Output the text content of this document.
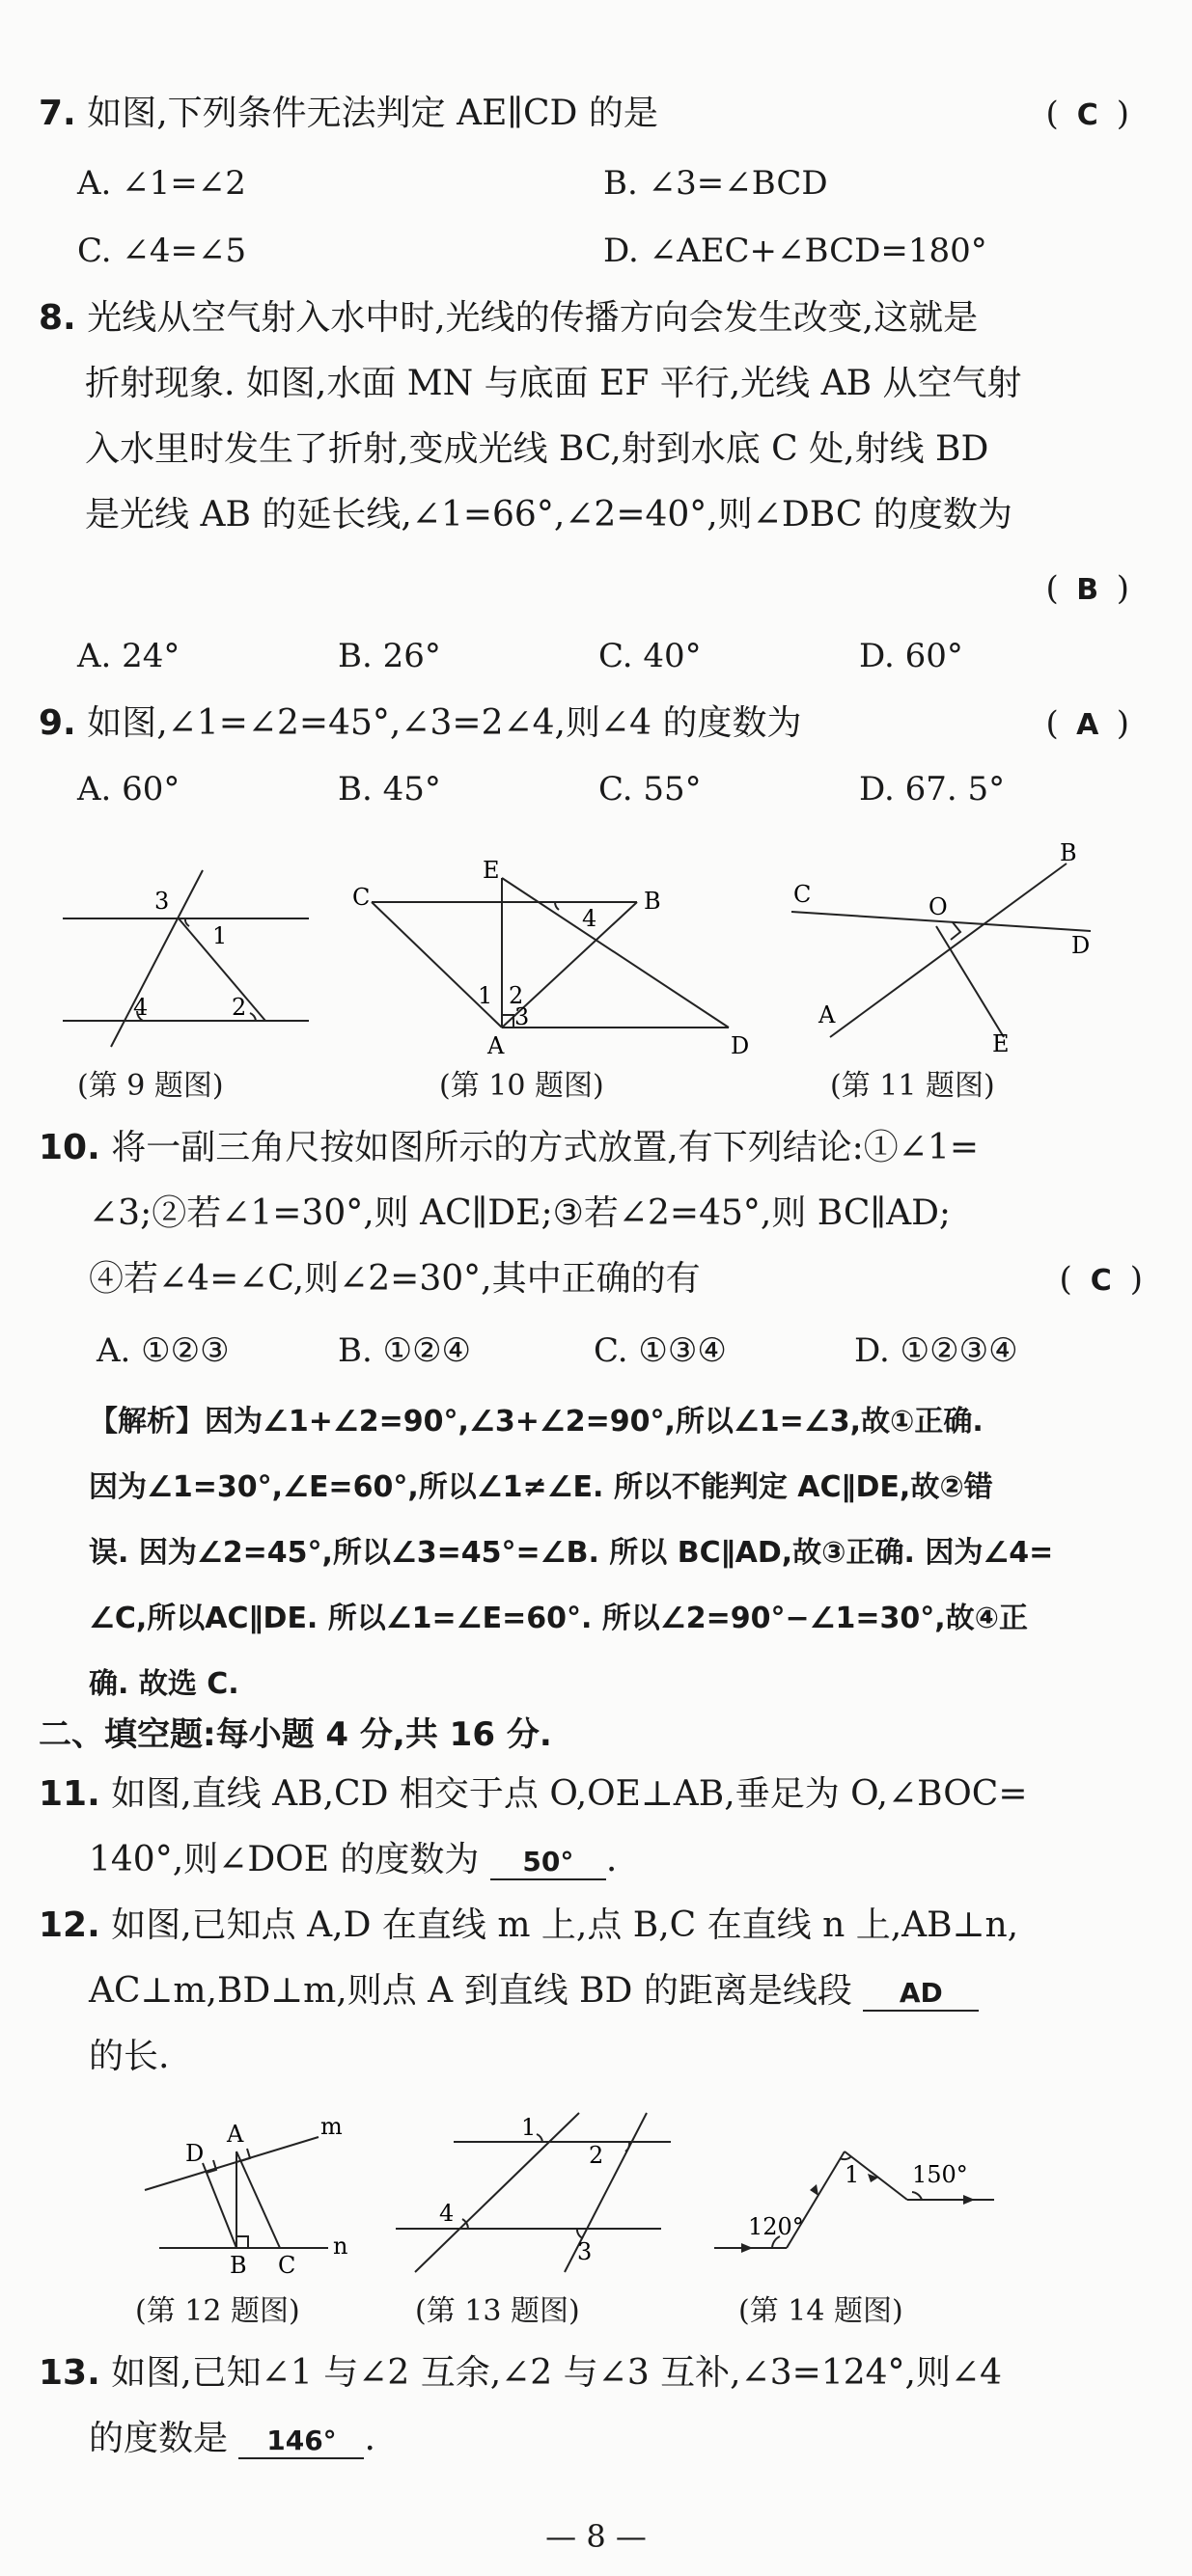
7. 如图,下列条件无法判定 AE∥CD 的是	( C )
A. ∠1=∠2	B. ∠3=∠BCD
C. ∠4=∠5	D. ∠AEC+∠BCD=180°
8. 光线从空气射入水中时,光线的传播方向会发生改变,这就是
折射现象. 如图,水面 MN 与底面 EF 平行,光线 AB 从空气射
入水里时发生了折射,变成光线 BC,射到水底 C 处,射线 BD
是光线 AB 的延长线,∠1=66°,∠2=40°,则∠DBC 的度数为
( B )
A. 24°	B. 26°	C. 40°	D. 60°
9. 如图,∠1=∠2=45°,∠3=2∠4,则∠4 的度数为	( A )
A. 60°	B. 45°	C. 55°	D. 67. 5°
3
1
4	2
(第 9 题图)
C
E
B
4
1 2
3
A	D
(第 10 题图)
C	O
B
D
A
E
(第 11 题图)
10. 将一副三角尺按如图所示的方式放置,有下列结论:①∠1=
∠3;②若∠1=30°,则 AC∥DE;③若∠2=45°,则 BC∥AD;
④若∠4=∠C,则∠2=30°,其中正确的有	( C )
A. ①②③	B. ①②④	C. ①③④	D. ①②③④

【解析】因为∠1+∠2=90°,∠3+∠2=90°,所以∠1=∠3,故①正确.

因为∠1=30°,∠E=60°,所以∠1≠∠E. 所以不能判定 AC∥DE,故②错

误. 因为∠2=45°,所以∠3=45°=∠B. 所以 BC∥AD,故③正确. 因为∠4=

∠C,所以AC∥DE. 所以∠1=∠E=60°. 所以∠2=90°−∠1=30°,故④正

确. 故选 C.

二、填空题:每小题 4 分,共 16 分.
11. 如图,直线 AB,CD 相交于点 O,OE⊥AB,垂足为 O,∠BOC=
140°,则∠DOE 的度数为 50° .
12. 如图,已知点 A,D 在直线 m 上,点 B,C 在直线 n 上,AB⊥n,
AC⊥m,BD⊥m,则点 A 到直线 BD 的距离是线段 AD
的长.
D
A	m
B C
n
(第 12 题图)
1
2
4
3
(第 13 题图)
120°
1 150°
(第 14 题图)
13. 如图,已知∠1 与∠2 互余,∠2 与∠3 互补,∠3=124°,则∠4
的度数是 146° .
— 8 —
